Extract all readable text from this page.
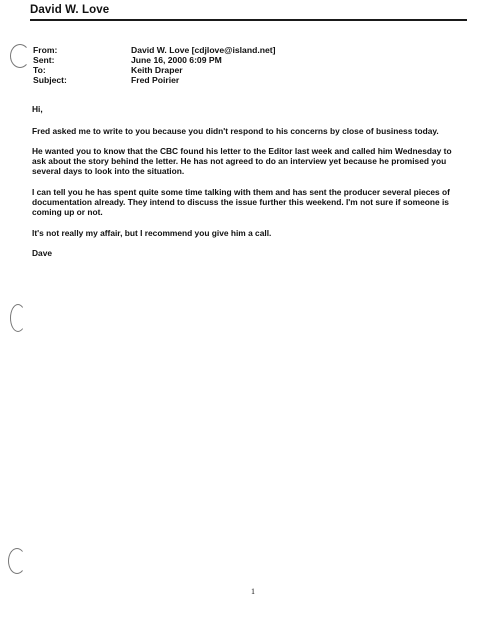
David W. Love
From:	David W. Love [cdjlove@island.net]
Sent:	June 16, 2000 6:09 PM
To:	Keith Draper
Subject:	Fred Poirier
Hi,
Fred asked me to write to you because you didn't respond to his concerns by close of business today.
He wanted you to know that the CBC found his letter to the Editor last week and called him Wednesday to ask about the story behind the letter. He has not agreed to do an interview yet because he promised you several days to look into the situation.
I can tell you he has spent quite some time talking with them and has sent the producer several pieces of documentation already. They intend to discuss the issue further this weekend. I'm not sure if someone is coming up or not.
It's not really my affair, but I recommend you give him a call.
Dave
1
